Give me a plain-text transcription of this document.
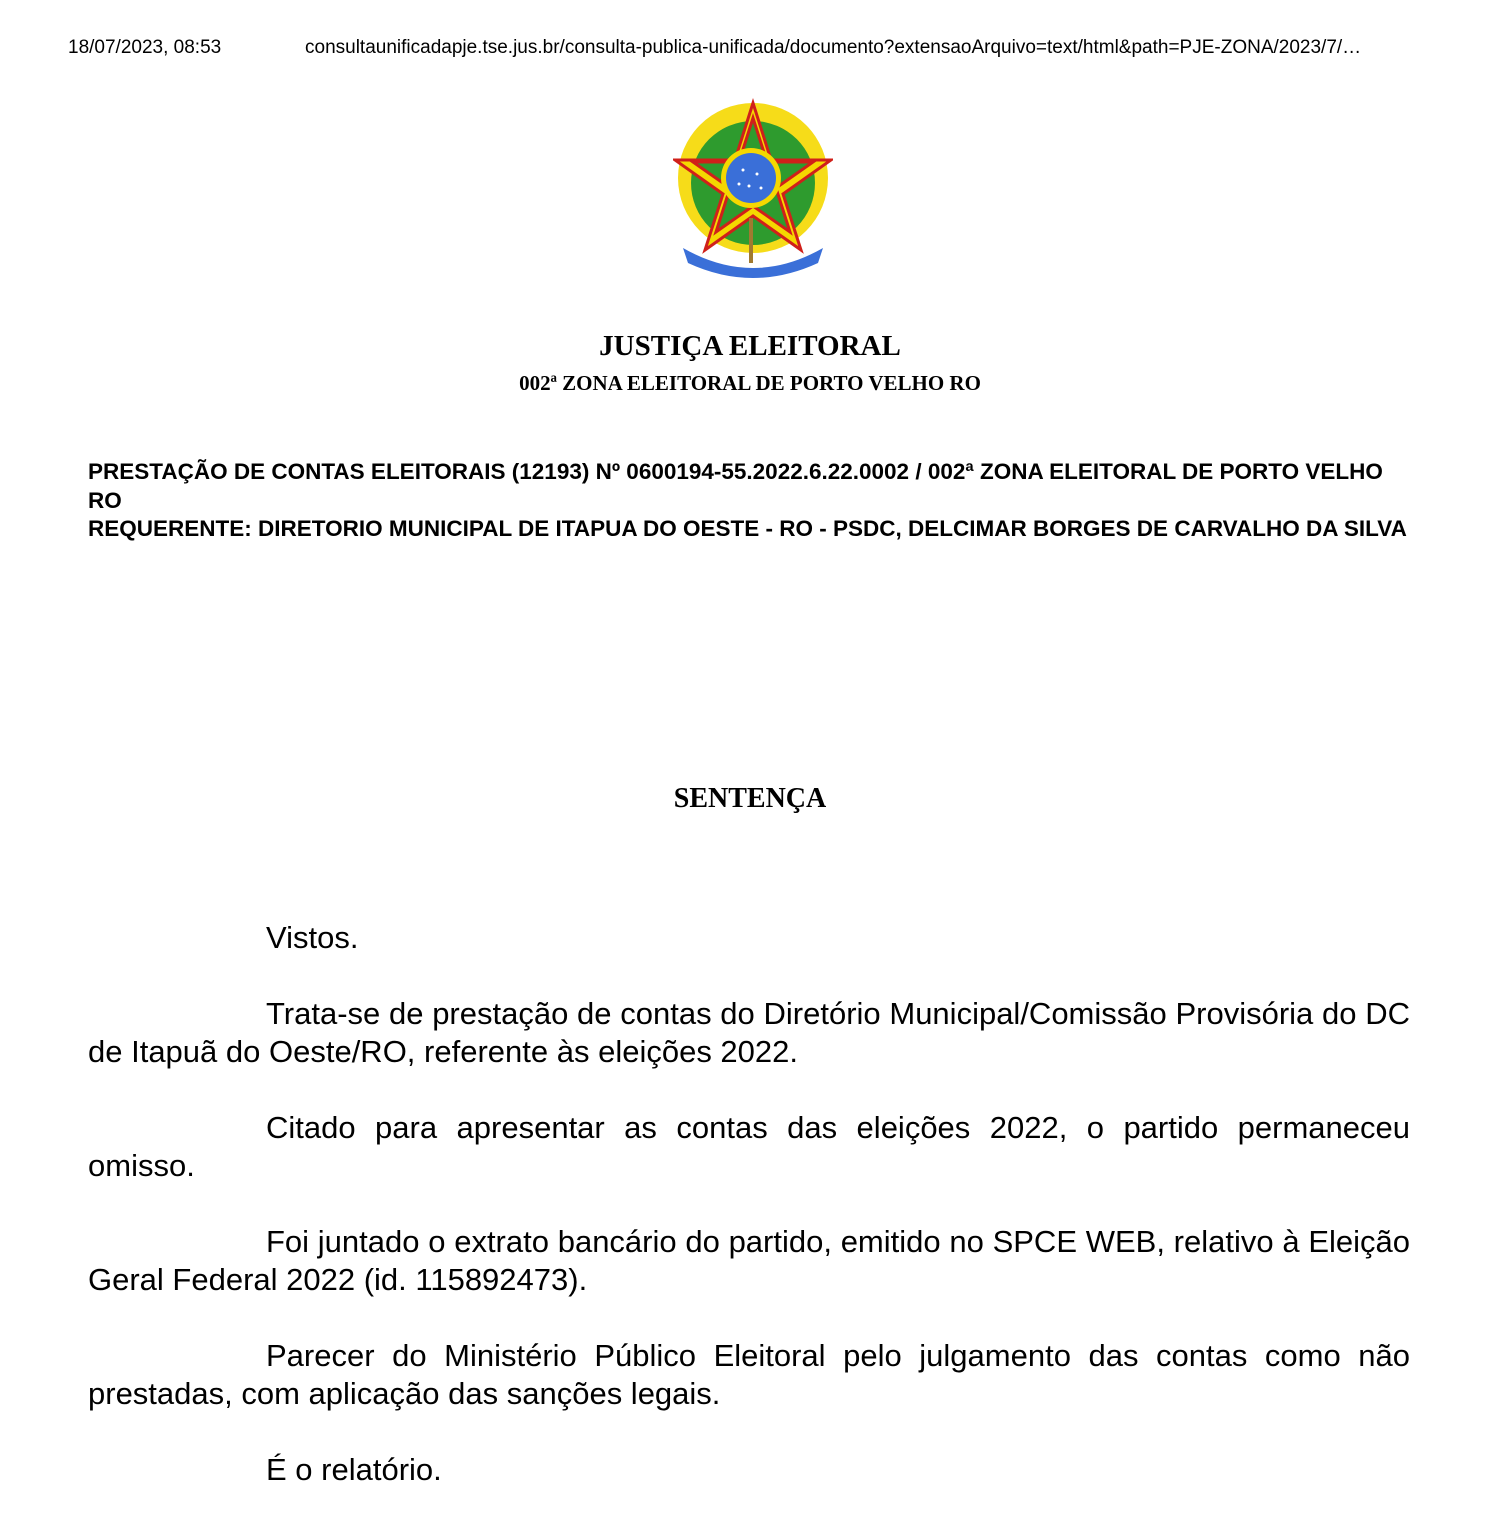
18/07/2023, 08:53	consultaunificadapje.tse.jus.br/consulta-publica-unificada/documento?extensaoArquivo=text/html&path=PJE-ZONA/2023/7/…
JUSTIÇA ELEITORAL
002ª ZONA ELEITORAL DE PORTO VELHO RO
PRESTAÇÃO DE CONTAS ELEITORAIS (12193) Nº 0600194-55.2022.6.22.0002 / 002ª ZONA ELEITORAL DE PORTO VELHO RO
REQUERENTE: DIRETORIO MUNICIPAL DE ITAPUA DO OESTE - RO - PSDC, DELCIMAR BORGES DE CARVALHO DA SILVA
SENTENÇA

Vistos.

Trata-se de prestação de contas do Diretório Municipal/Comissão Provisória do DC de Itapuã do Oeste/RO, referente às eleições 2022.

Citado para apresentar as contas das eleições 2022, o partido permaneceu omisso.

Foi juntado o extrato bancário do partido, emitido no SPCE WEB, relativo à Eleição Geral Federal 2022 (id. 115892473).

Parecer do Ministério Público Eleitoral pelo julgamento das contas como não prestadas, com aplicação das sanções legais.

É o relatório.
